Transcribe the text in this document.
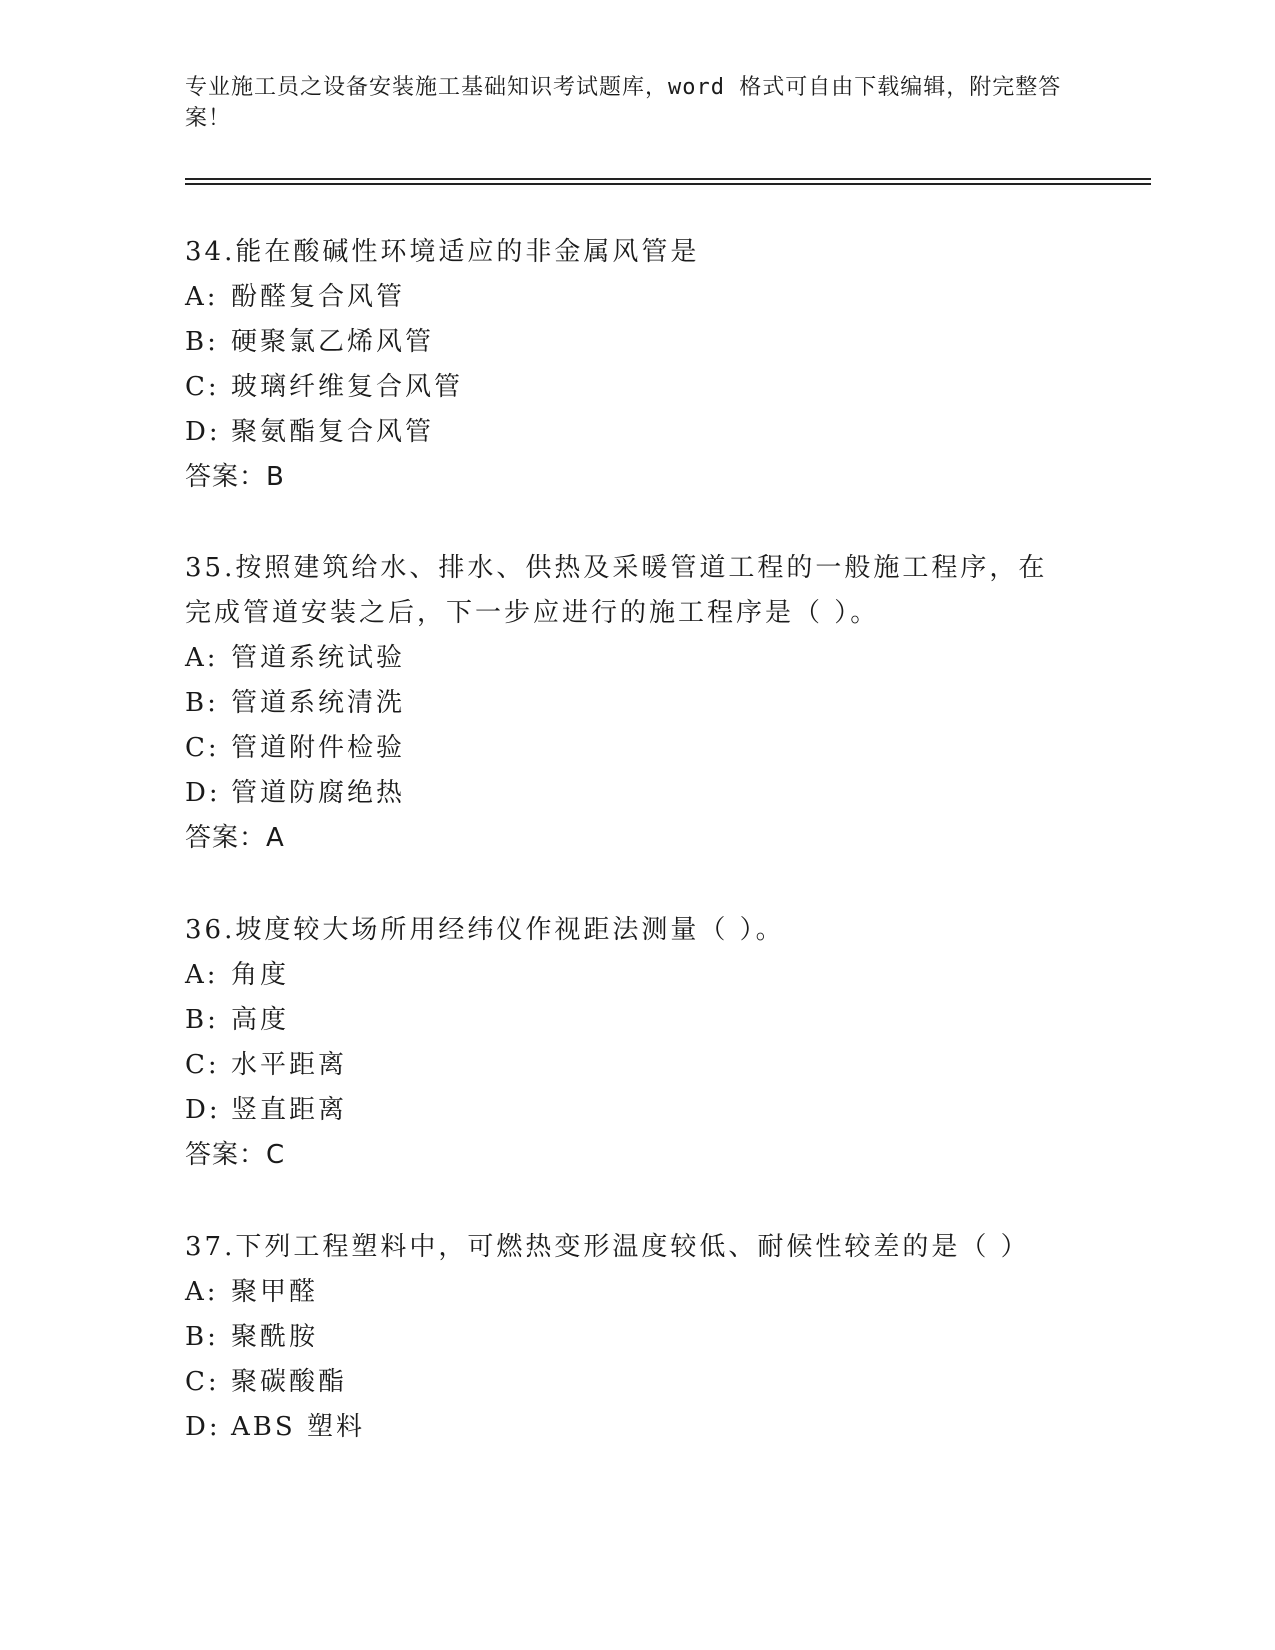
专业施工员之设备安装施工基础知识考试题库，word 格式可自由下载编辑，附完整答案！
34.能在酸碱性环境适应的非金属风管是
A: 酚醛复合风管
B: 硬聚氯乙烯风管
C: 玻璃纤维复合风管
D: 聚氨酯复合风管
答案：B
35.按照建筑给水、排水、供热及采暖管道工程的一般施工程序，在完成管道安装之后，下一步应进行的施工程序是（ ）。
A: 管道系统试验
B: 管道系统清洗
C: 管道附件检验
D: 管道防腐绝热
答案：A
36.坡度较大场所用经纬仪作视距法测量（ ）。
A: 角度
B: 高度
C: 水平距离
D: 竖直距离
答案：C
37.下列工程塑料中，可燃热变形温度较低、耐候性较差的是（ ）
A: 聚甲醛
B: 聚酰胺
C: 聚碳酸酯
D: ABS 塑料
